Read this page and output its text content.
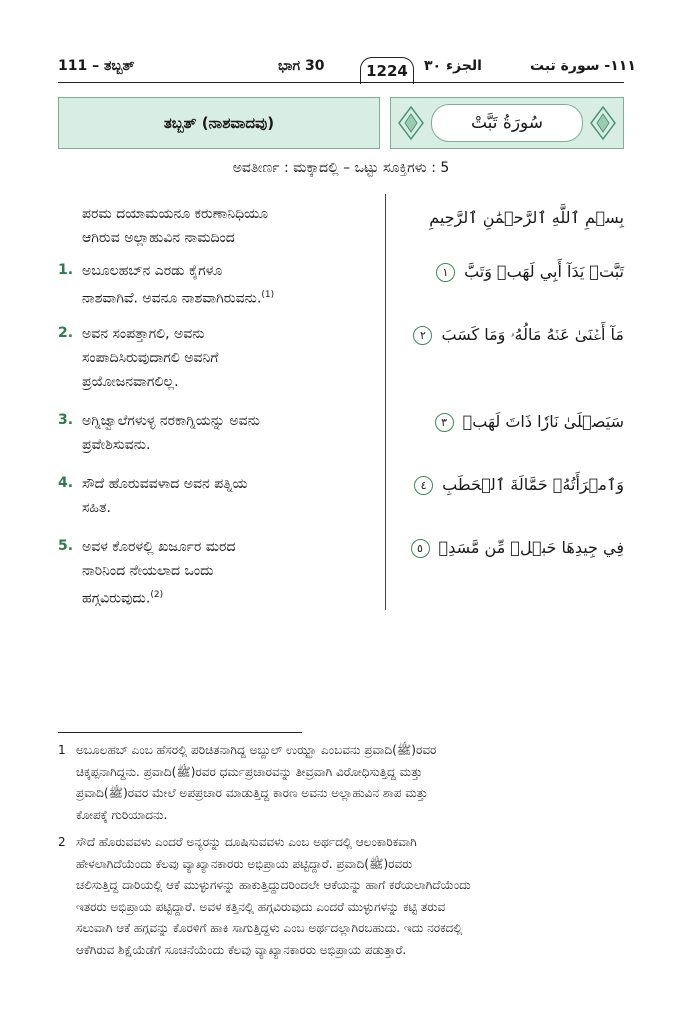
111 – ತಬ್ಬತ್	ಭಾಗ 30	1224	الجزء ٣٠	١١١- سورة تبت
ತಬ್ಬತ್ (ನಾಶವಾದವು)	سُورَةُ تَبَّتْ
ಅವತೀರ್ಣ : ಮಕ್ಕಾದಲ್ಲಿ – ಒಟ್ಟು ಸೂಕ್ತಿಗಳು : 5
ಪರಮ ದಯಾಮಯನೂ ಕರುಣಾನಿಧಿಯೂ
ಆಗಿರುವ ಅಲ್ಲಾಹುವಿನ ನಾಮದಿಂದ
بِسۡمِ ٱللَّهِ ٱلرَّحۡمَٰنِ ٱلرَّحِيمِ
1. ಅಬೂಲಹಬ್‌ನ ಎರಡು ಕೈಗಳೂ
ನಾಶವಾಗಿವೆ. ಅವನೂ ನಾಶವಾಗಿರುವನು.$^{(1)}$
تَبَّتۡ يَدَآ أَبِي لَهَبٖ وَتَبَّ ١
2. ಅವನ ಸಂಪತ್ತಾಗಲಿ, ಅವನು
ಸಂಪಾದಿಸಿರುವುದಾಗಲಿ ಅವನಿಗೆ
ಪ್ರಯೋಜನವಾಗಲಿಲ್ಲ.
مَآ أَغۡنَىٰ عَنۡهُ مَالُهُۥ وَمَا كَسَبَ ٢
3. ಅಗ್ನಿಜ್ವಾಲೆಗಳುಳ್ಳ ನರಕಾಗ್ನಿಯನ್ನು ಅವನು
ಪ್ರವೇಶಿಸುವನು.
سَيَصۡلَىٰ نَارٗا ذَاتَ لَهَبٖ ٣
4. ಸೌದೆ ಹೊರುವವಳಾದ ಅವನ ಪತ್ನಿಯ
ಸಹಿತ.
وَٱمۡرَأَتُهُۥ حَمَّالَةَ ٱلۡحَطَبِ ٤
5. ಅವಳ ಕೊರಳಲ್ಲಿ ಖರ್ಜೂರ ಮರದ
ನಾರಿನಿಂದ ನೇಯಲಾದ ಒಂದು
ಹಗ್ಗವಿರುವುದು.$^{(2)}$
فِي جِيدِهَا حَبۡلٞ مِّن مَّسَدِۭ ٥
1 ಅಬೂಲಹಬ್ ಎಂಬ ಹೆಸರಲ್ಲಿ ಪರಿಚಿತನಾಗಿದ್ದ ಅಬ್ದುಲ್ ಉಝ್ಝಾ ಎಂಬವನು ಪ್ರವಾದಿ(ﷺ)ರವರ
ಚಿಕ್ಕಪ್ಪನಾಗಿದ್ದನು. ಪ್ರವಾದಿ(ﷺ)ರವರ ಧರ್ಮಪ್ರಚಾರವನ್ನು ತೀವ್ರವಾಗಿ ವಿರೋಧಿಸುತ್ತಿದ್ದ ಮತ್ತು
ಪ್ರವಾದಿ(ﷺ)ರವರ ಮೇಲೆ ಅಪಪ್ರಚಾರ ಮಾಡುತ್ತಿದ್ದ ಕಾರಣ ಅವನು ಅಲ್ಲಾಹುವಿನ ಶಾಪ ಮತ್ತು
ಕೋಪಕ್ಕೆ ಗುರಿಯಾದನು.
2 ಸೌದೆ ಹೊರುವವಳು ಎಂದರೆ ಅನ್ಯರನ್ನು ದೂಷಿಸುವವಳು ಎಂಬ ಅರ್ಥದಲ್ಲಿ ಆಲಂಕಾರಿಕವಾಗಿ
ಹೇಳಲಾಗಿದೆಯೆಂದು ಕೆಲವು ವ್ಯಾಖ್ಯಾನಕಾರರು ಅಭಿಪ್ರಾಯ ಪಟ್ಟಿದ್ದಾರೆ. ಪ್ರವಾದಿ(ﷺ)ರವರು
ಚಲಿಸುತ್ತಿದ್ದ ದಾರಿಯಲ್ಲಿ ಆಕೆ ಮುಳ್ಳುಗಳನ್ನು ಹಾಕುತ್ತಿದ್ದುದರಿಂದಲೇ ಆಕೆಯನ್ನು ಹಾಗೆ ಕರೆಯಲಾಗಿದೆಯೆಂದು
ಇತರರು ಅಭಿಪ್ರಾಯ ಪಟ್ಟಿದ್ದಾರೆ. ಅವಳ ಕತ್ತಿನಲ್ಲಿ ಹಗ್ಗವಿರುವುದು ಎಂದರೆ ಮುಳ್ಳುಗಳನ್ನು ಕಟ್ಟಿ ತರುವ
ಸಲುವಾಗಿ ಆಕೆ ಹಗ್ಗವನ್ನು ಕೊರಳಿಗೆ ಹಾಕಿ ಸಾಗುತ್ತಿದ್ದಳು ಎಂಬ ಅರ್ಥದಲ್ಲಾಗಿರಬಹುದು. ಇದು ನರಕದಲ್ಲಿ
ಆಕೆಗಿರುವ ಶಿಕ್ಷೆಯೆಡೆಗೆ ಸೂಚನೆಯೆಂದು ಕೆಲವು ವ್ಯಾಖ್ಯಾನಕಾರರು ಅಭಿಪ್ರಾಯ ಪಡುತ್ತಾರೆ.
